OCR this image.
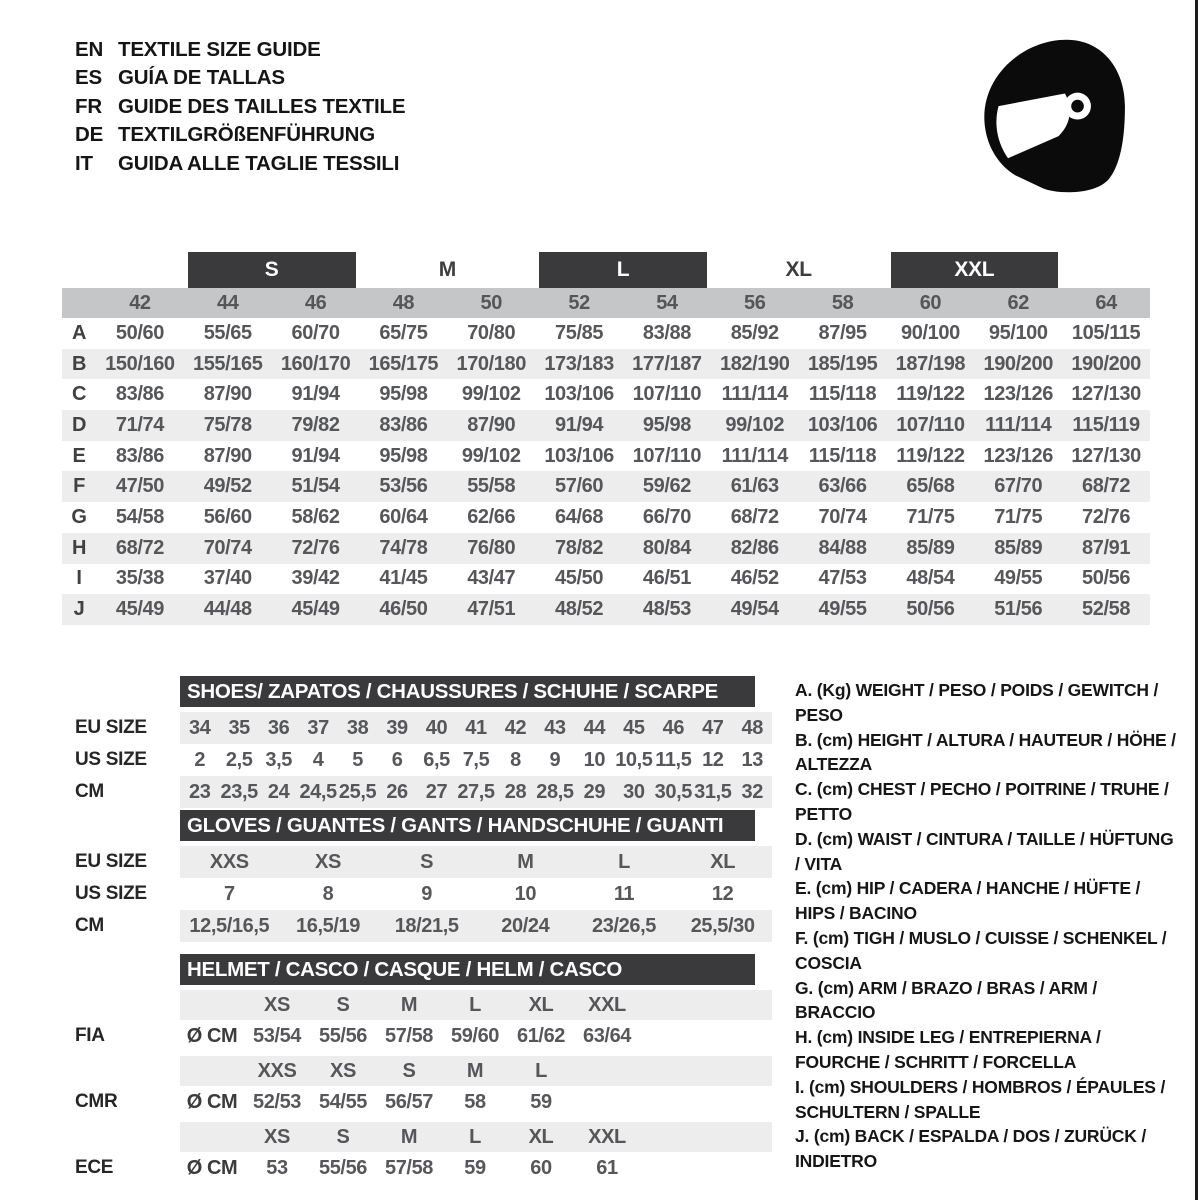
EN TEXTILE SIZE GUIDE
ES GUÍA DE TALLAS
FR GUIDE DES TAILLES TEXTILE
DE TEXTILGRÖßENFÜHRUNG
IT	GUIDA ALLE TAGLIE TESSILI
S	M	L	XL	XXL
42	44	46	48	50	52	54	56	58	60	62	64
A	50/60	55/65	60/70	65/75	70/80	75/85	83/88	85/92	87/95	90/100	95/100	105/115
B 150/160 155/165 160/170 165/175 170/180 173/183 177/187 182/190 185/195 187/198 190/200 190/200
C	83/86	87/90	91/94	95/98	99/102	103/106 107/110	111/114	115/118 119/122 123/126 127/130
D	71/74	75/78	79/82	83/86	87/90	91/94	95/98	99/102	103/106 107/110	111/114	115/119
E	83/86	87/90	91/94	95/98	99/102	103/106 107/110	111/114	115/118 119/122 123/126 127/130
F	47/50	49/52	51/54	53/56	55/58	57/60	59/62	61/63	63/66	65/68	67/70	68/72
G	54/58	56/60	58/62	60/64	62/66	64/68	66/70	68/72	70/74	71/75	71/75	72/76
H	68/72	70/74	72/76	74/78	76/80	78/82	80/84	82/86	84/88	85/89	85/89	87/91
I	35/38	37/40	39/42	41/45	43/47	45/50	46/51	46/52	47/53	48/54	49/55	50/56
J	45/49	44/48	45/49	46/50	47/51	48/52	48/53	49/54	49/55	50/56	51/56	52/58
SHOES/ ZAPATOS / CHAUSSURES / SCHUHE / SCARPE
EU SIZE	34 35 36 37 38 39 40 41 42 43 44 45 46 47 48
US SIZE	2 2,5 3,5 4 5 6 6,5 7,5 8 9 10 10,5 11,5 12 13
CM	23 23,5 24 24,5 25,5 26 27 27,5 28 28,5 29 30 30,5 31,5 32
GLOVES / GUANTES / GANTS / HANDSCHUHE / GUANTI
EU SIZE	XXS	XS	S	M	L	XL
US SIZE	7	8	9	10	11	12
CM	12,5/16,5 16,5/19 18/21,5 20/24 23/26,5 25,5/30
HELMET / CASCO / CASQUE / HELM / CASCO
XS S	M	L XL XXL
FIA	Ø CM 53/54 55/56 57/58 59/60 61/62 63/64
XXS XS S	M	L
CMR	Ø CM 52/53 54/55 56/57 58 59
XS S	M	L XL XXL
ECE	Ø CM 53 55/56 57/58 59 60 61
A. (Kg) WEIGHT / PESO / POIDS / GEWITCH / PESO
B. (cm) HEIGHT / ALTURA / HAUTEUR / HÖHE / ALTEZZA
C. (cm) CHEST / PECHO / POITRINE / TRUHE / PETTO
D. (cm) WAIST / CINTURA / TAILLE / HÜFTUNG / VITA
E. (cm) HIP / CADERA / HANCHE / HÜFTE / HIPS / BACINO
F. (cm) TIGH / MUSLO / CUISSE / SCHENKEL / COSCIA
G. (cm) ARM / BRAZO / BRAS / ARM / BRACCIO
H. (cm) INSIDE LEG / ENTREPIERNA / FOURCHE / SCHRITT / FORCELLA
I. (cm) SHOULDERS / HOMBROS / ÉPAULES / SCHULTERN / SPALLE
J. (cm) BACK / ESPALDA / DOS / ZURÜCK / INDIETRO
